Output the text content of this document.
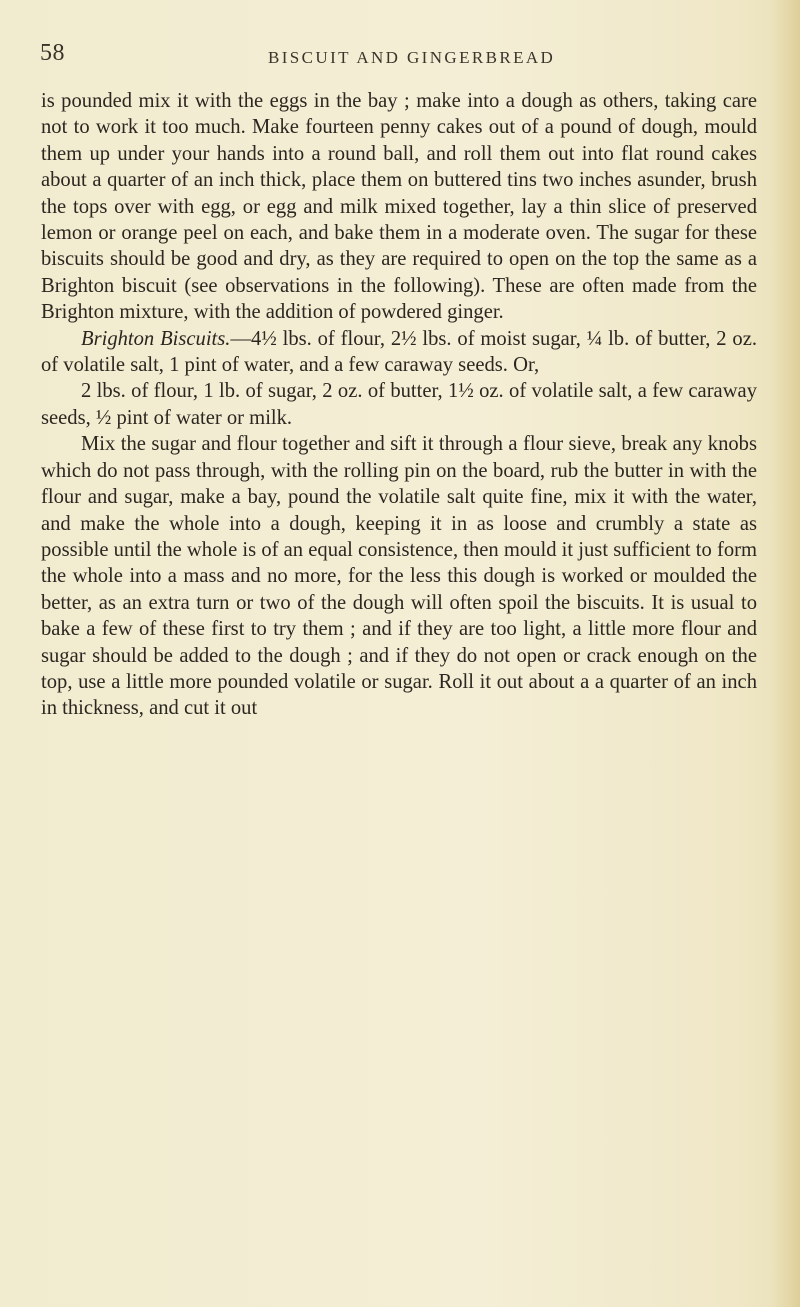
58	BISCUIT AND GINGERBREAD

is pounded mix it with the eggs in the bay ; make into a dough as others, taking care not to work it too much. Make fourteen penny cakes out of a pound of dough, mould them up under your hands into a round ball, and roll them out into flat round cakes about a quarter of an inch thick, place them on buttered tins two inches asunder, brush the tops over with egg, or egg and milk mixed together, lay a thin slice of preserved lemon or orange peel on each, and bake them in a moderate oven. The sugar for these biscuits should be good and dry, as they are required to open on the top the same as a Brighton biscuit (see observations in the following). These are often made from the Brighton mixture, with the addition of powdered ginger.

Brighton Biscuits.—4½ lbs. of flour, 2½ lbs. of moist sugar, ¼ lb. of butter, 2 oz. of volatile salt, 1 pint of water, and a few caraway seeds. Or,

2 lbs. of flour, 1 lb. of sugar, 2 oz. of butter, 1½ oz. of volatile salt, a few caraway seeds, ½ pint of water or milk.

Mix the sugar and flour together and sift it through a flour sieve, break any knobs which do not pass through, with the rolling pin on the board, rub the butter in with the flour and sugar, make a bay, pound the volatile salt quite fine, mix it with the water, and make the whole into a dough, keeping it in as loose and crumbly a state as possible until the whole is of an equal consistence, then mould it just sufficient to form the whole into a mass and no more, for the less this dough is worked or moulded the better, as an extra turn or two of the dough will often spoil the biscuits. It is usual to bake a few of these first to try them ; and if they are too light, a little more flour and sugar should be added to the dough ; and if they do not open or crack enough on the top, use a little more pounded volatile or sugar. Roll it out about a a quarter of an inch in thickness, and cut it out
